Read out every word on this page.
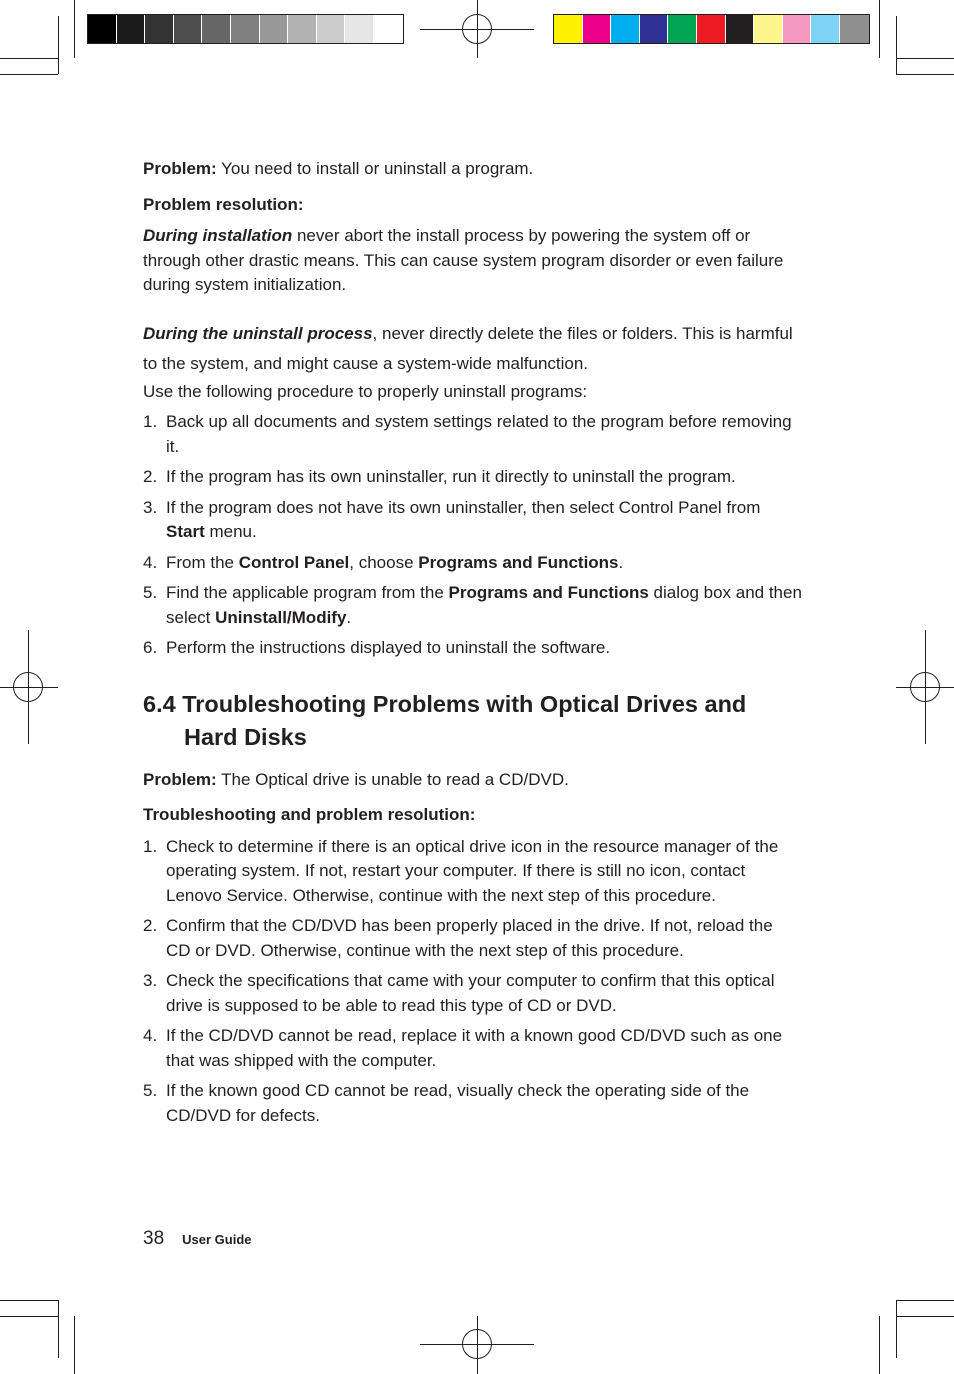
Problem: You need to install or uninstall a program.

Problem resolution:

During installation never abort the install process by powering the system off or through other drastic means. This can cause system program disorder or even failure during system initialization.

During the uninstall process, never directly delete the files or folders. This is harmful to the system, and might cause a system-wide malfunction.

Use the following procedure to properly uninstall programs:

1. Back up all documents and system settings related to the program before removing it.
2. If the program has its own uninstaller, run it directly to uninstall the program.
3. If the program does not have its own uninstaller, then select Control Panel from Start menu.
4. From the Control Panel, choose Programs and Functions.
5. Find the applicable program from the Programs and Functions dialog box and then select Uninstall/Modify.
6. Perform the instructions displayed to uninstall the software.
6.4 Troubleshooting Problems with Optical Drives and Hard Disks

Problem: The Optical drive is unable to read a CD/DVD.

Troubleshooting and problem resolution:

1. Check to determine if there is an optical drive icon in the resource manager of the operating system. If not, restart your computer. If there is still no icon, contact Lenovo Service. Otherwise, continue with the next step of this procedure.
2. Confirm that the CD/DVD has been properly placed in the drive. If not, reload the CD or DVD. Otherwise, continue with the next step of this procedure.
3. Check the specifications that came with your computer to confirm that this optical drive is supposed to be able to read this type of CD or DVD.
4. If the CD/DVD cannot be read, replace it with a known good CD/DVD such as one that was shipped with the computer.
5. If the known good CD cannot be read, visually check the operating side of the CD/DVD for defects.
38 User Guide
